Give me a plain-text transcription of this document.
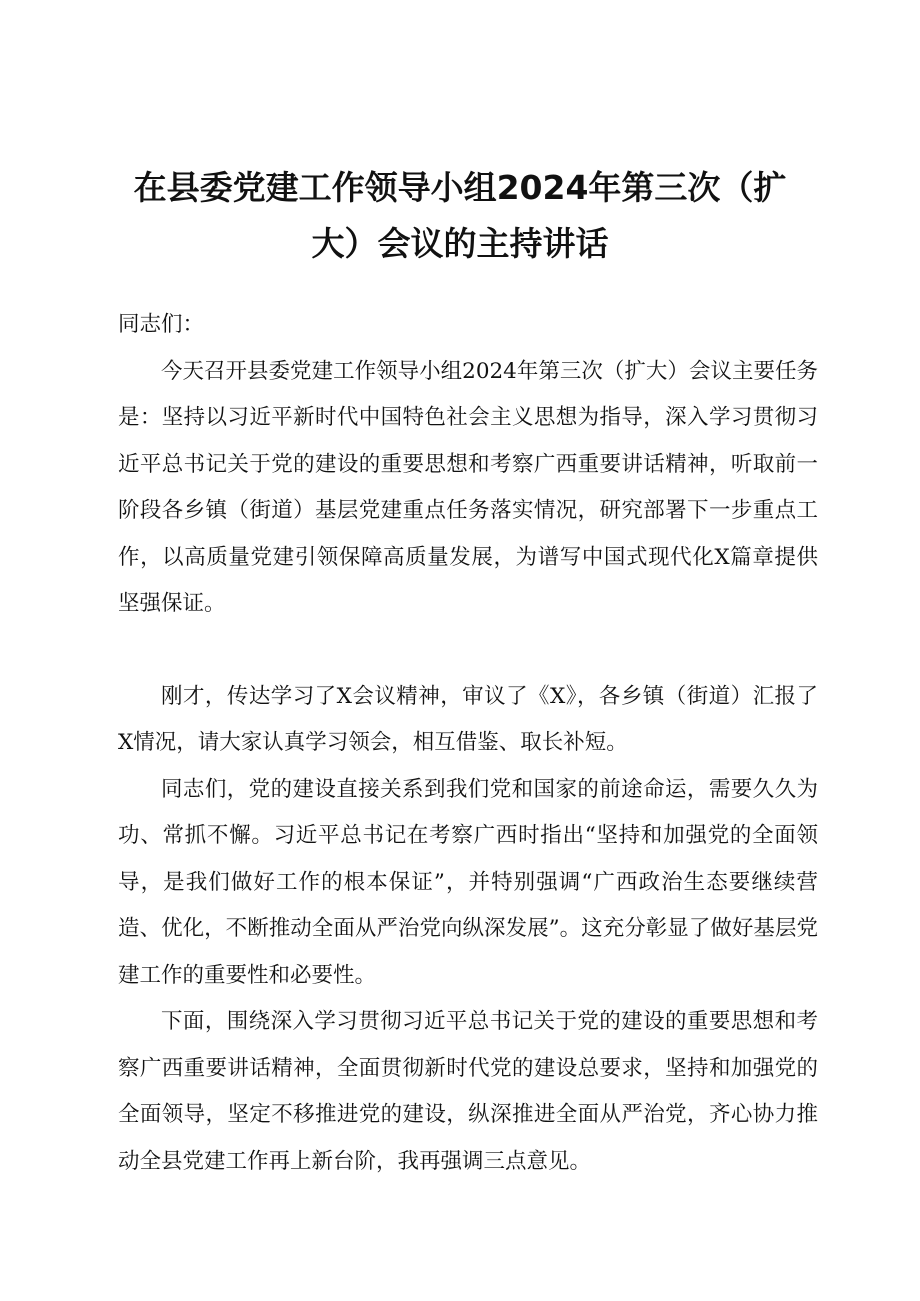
在县委党建工作领导小组2024年第三次（扩
大）会议的主持讲话

同志们：

今天召开县委党建工作领导小组2024年第三次（扩大）会议主要任务是：坚持以习近平新时代中国特色社会主义思想为指导，深入学习贯彻习近平总书记关于党的建设的重要思想和考察广西重要讲话精神，听取前一阶段各乡镇（街道）基层党建重点任务落实情况，研究部署下一步重点工作，以高质量党建引领保障高质量发展，为谱写中国式现代化X篇章提供坚强保证。

刚才，传达学习了X会议精神，审议了《X》，各乡镇（街道）汇报了X情况，请大家认真学习领会，相互借鉴、取长补短。

同志们，党的建设直接关系到我们党和国家的前途命运，需要久久为功、常抓不懈。习近平总书记在考察广西时指出“坚持和加强党的全面领导，是我们做好工作的根本保证”，并特别强调“广西政治生态要继续营造、优化，不断推动全面从严治党向纵深发展”。这充分彰显了做好基层党建工作的重要性和必要性。

下面，围绕深入学习贯彻习近平总书记关于党的建设的重要思想和考察广西重要讲话精神，全面贯彻新时代党的建设总要求，坚持和加强党的全面领导，坚定不移推进党的建设，纵深推进全面从严治党，齐心协力推动全县党建工作再上新台阶，我再强调三点意见。
